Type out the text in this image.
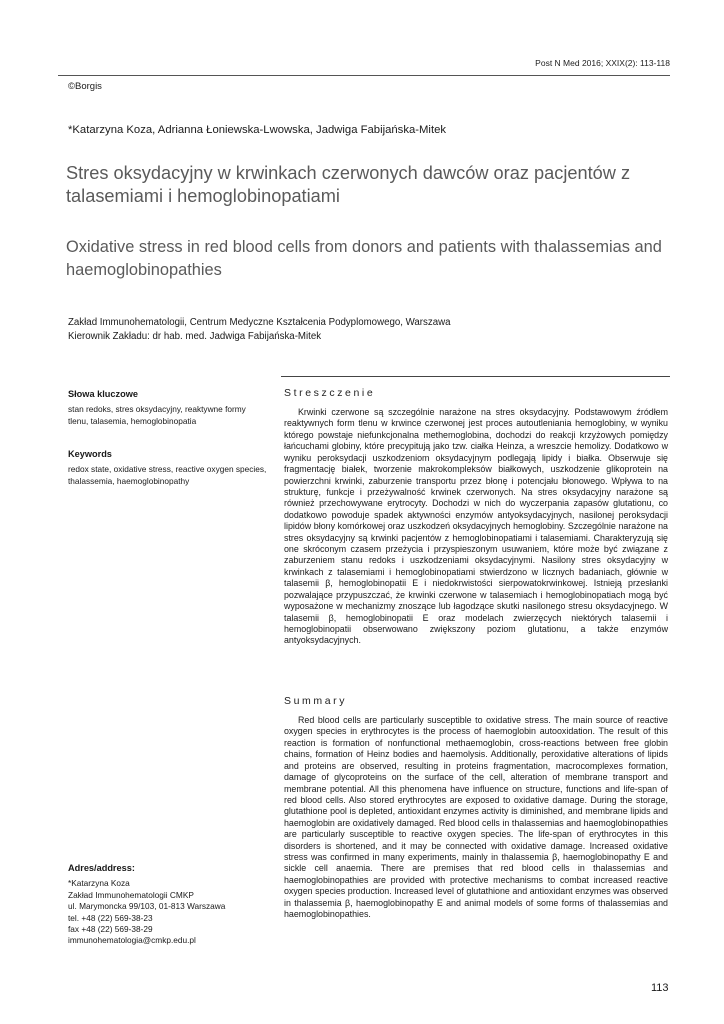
Post N Med 2016; XXIX(2): 113-118
©Borgis
*Katarzyna Koza, Adrianna Łoniewska-Lwowska, Jadwiga Fabijańska-Mitek
Stres oksydacyjny w krwinkach czerwonych dawców oraz pacjentów z talasemiami i hemoglobinopatiami
Oxidative stress in red blood cells from donors and patients with thalassemias and haemoglobinopathies
Zakład Immunohematologii, Centrum Medyczne Kształcenia Podyplomowego, Warszawa
Kierownik Zakładu: dr hab. med. Jadwiga Fabijańska-Mitek
Słowa kluczowe
stan redoks, stres oksydacyjny, reaktywne formy tlenu, talasemia, hemoglobinopatia
Keywords
redox state, oxidative stress, reactive oxygen species, thalassemia, haemoglobinopathy
Adres/address:
*Katarzyna Koza
Zakład Immunohematologii CMKP
ul. Marymoncka 99/103, 01-813 Warszawa
tel. +48 (22) 569-38-23
fax +48 (22) 569-38-29
immunohematologia@cmkp.edu.pl
Streszczenie

Krwinki czerwone są szczególnie narażone na stres oksydacyjny. Podstawowym źródłem reaktywnych form tlenu w krwince czerwonej jest proces autoutleniania hemoglobiny, w wyniku którego powstaje niefunkcjonalna methemoglobina, dochodzi do reakcji krzyżowych pomiędzy łańcuchami globiny, które precypitują jako tzw. ciałka Heinza, a wreszcie hemolizy. Dodatkowo w wyniku peroksydacji uszkodzeniom oksydacyjnym podlegają lipidy i białka. Obserwuje się fragmentację białek, tworzenie makrokompleksów białkowych, uszkodzenie glikoprotein na powierzchni krwinki, zaburzenie transportu przez błonę i potencjału błonowego. Wpływa to na strukturę, funkcje i przeżywalność krwinek czerwonych. Na stres oksydacyjny narażone są również przechowywane erytrocyty. Dochodzi w nich do wyczerpania zapasów glutationu, co dodatkowo powoduje spadek aktywności enzymów antyoksydacyjnych, nasilonej peroksydacji lipidów błony komórkowej oraz uszkodzeń oksydacyjnych hemoglobiny. Szczególnie narażone na stres oksydacyjny są krwinki pacjentów z hemoglobinopatiami i talasemiami. Charakteryzują się one skróconym czasem przeżycia i przyspieszonym usuwaniem, które może być związane z zaburzeniem stanu redoks i uszkodzeniami oksydacyjnymi. Nasilony stres oksydacyjny w krwinkach z talasemiami i hemoglobinopatiami stwierdzono w licznych badaniach, głównie w talasemii β, hemoglobinopatii E i niedokrwistości sierpowatokrwinkowej. Istnieją przesłanki pozwalające przypuszczać, że krwinki czerwone w talasemiach i hemoglobinopatiach mogą być wyposażone w mechanizmy znoszące lub łagodzące skutki nasilonego stresu oksydacyjnego. W talasemii β, hemoglobinopatii E oraz modelach zwierzęcych niektórych talasemii i hemoglobinopatii obserwowano zwiększony poziom glutationu, a także enzymów antyoksydacyjnych.

Summary

Red blood cells are particularly susceptible to oxidative stress. The main source of reactive oxygen species in erythrocytes is the process of haemoglobin autooxidation. The result of this reaction is formation of nonfunctional methaemoglobin, cross-reactions between free globin chains, formation of Heinz bodies and haemolysis. Additionally, peroxidative alterations of lipids and proteins are observed, resulting in proteins fragmentation, macrocomplexes formation, damage of glycoproteins on the surface of the cell, alteration of membrane transport and membrane potential. All this phenomena have influence on structure, functions and life-span of red blood cells. Also stored erythrocytes are exposed to oxidative damage. During the storage, glutathione pool is depleted, antioxidant enzymes activity is diminished, and membrane lipids and haemoglobin are oxidatively damaged. Red blood cells in thalassemias and haemoglobinopathies are particularly susceptible to reactive oxygen species. The life-span of erythrocytes in this disorders is shortened, and it may be connected with oxidative damage. Increased oxidative stress was confirmed in many experiments, mainly in thalassemia β, haemoglobinopathy E and sickle cell anaemia. There are premises that red blood cells in thalassemias and haemoglobinopathies are provided with protective mechanisms to combat increased reactive oxygen species production. Increased level of glutathione and antioxidant enzymes was observed in thalassemia β, haemoglobinopathy E and animal models of some forms of thalassemias and haemoglobinopathies.

113
